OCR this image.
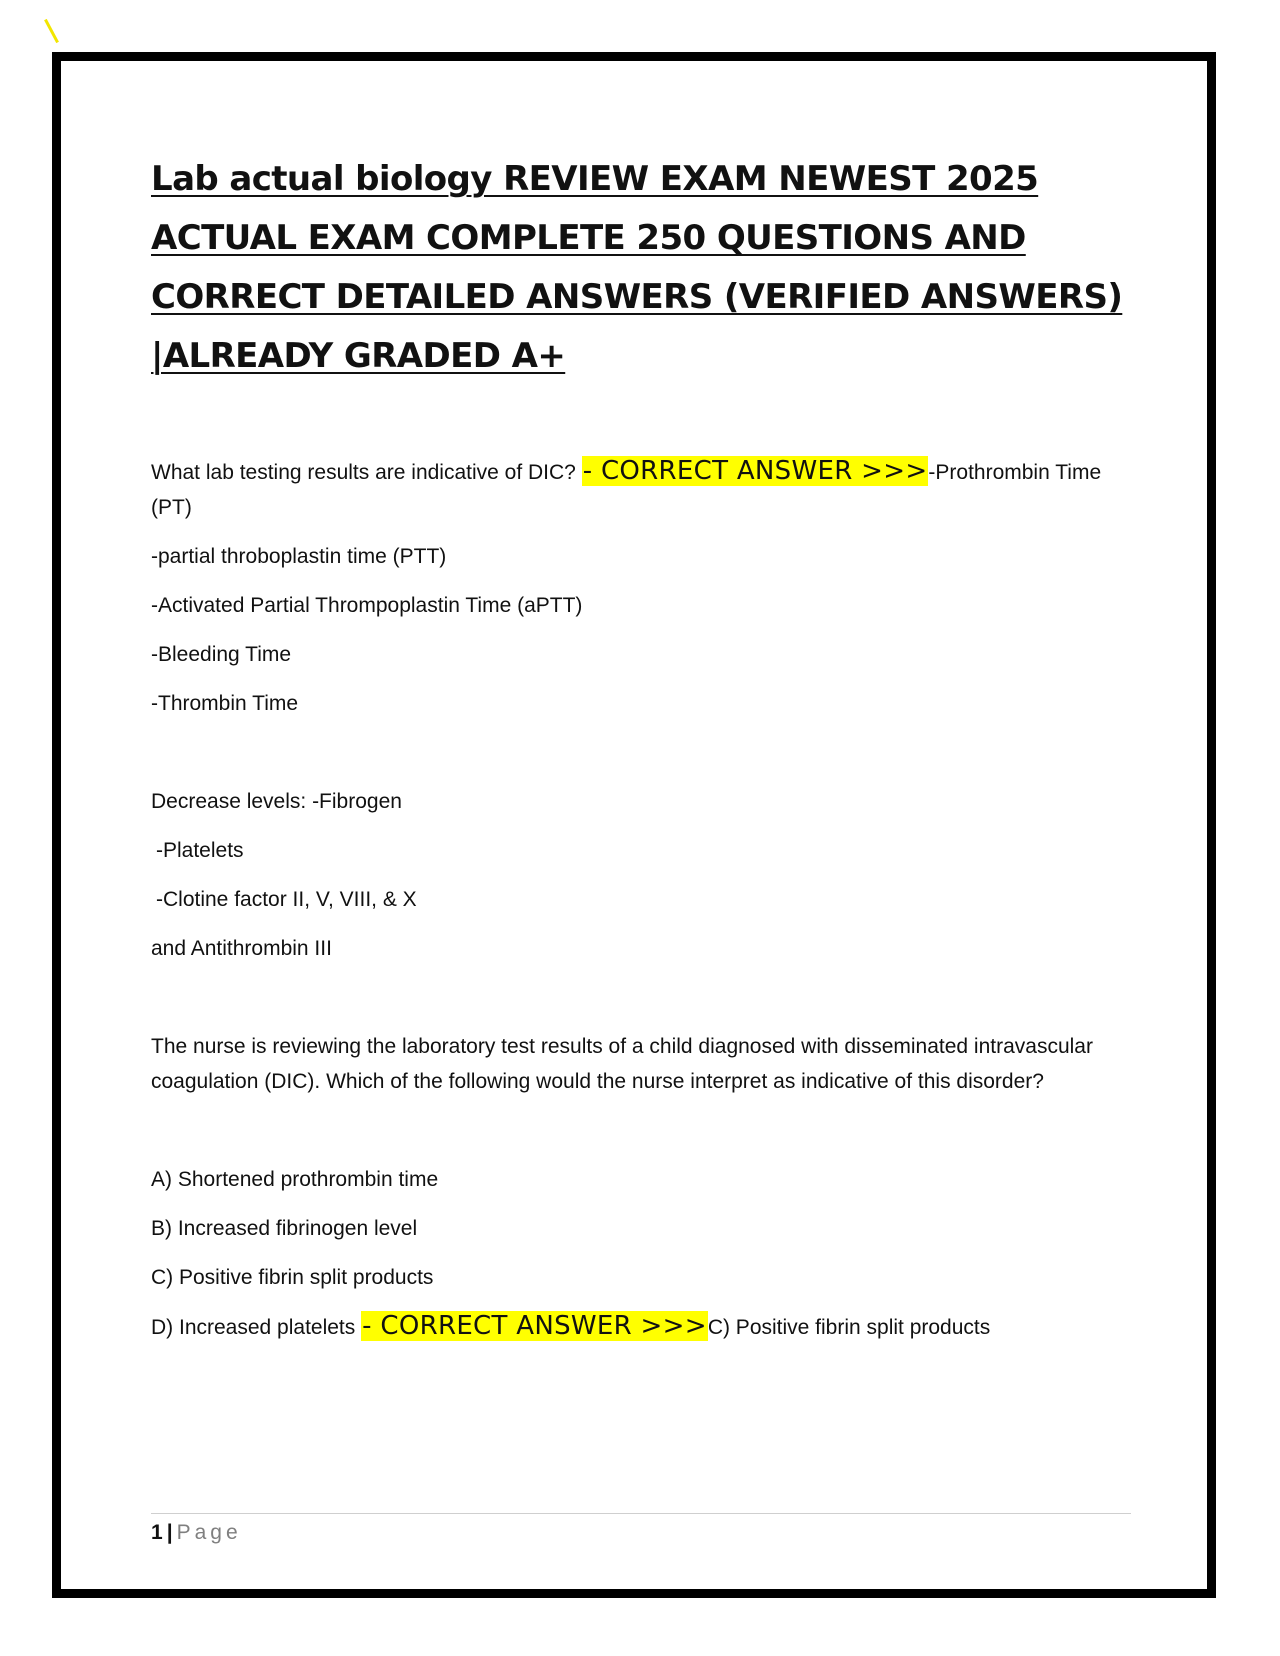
Lab actual biology REVIEW EXAM NEWEST 2025 ACTUAL EXAM COMPLETE 250 QUESTIONS AND CORRECT DETAILED ANSWERS (VERIFIED ANSWERS) |ALREADY GRADED A+

What lab testing results are indicative of DIC? - CORRECT ANSWER >>>-Prothrombin Time (PT)

-partial throboplastin time (PTT)

-Activated Partial Thrompoplastin Time (aPTT)

-Bleeding Time

-Thrombin Time

Decrease levels: -Fibrogen

-Platelets

-Clotine factor II, V, VIII, & X

and Antithrombin III

The nurse is reviewing the laboratory test results of a child diagnosed with disseminated intravascular coagulation (DIC). Which of the following would the nurse interpret as indicative of this disorder?

A) Shortened prothrombin time

B) Increased fibrinogen level

C) Positive fibrin split products

D) Increased platelets - CORRECT ANSWER >>>C) Positive fibrin split products

1 | Page
